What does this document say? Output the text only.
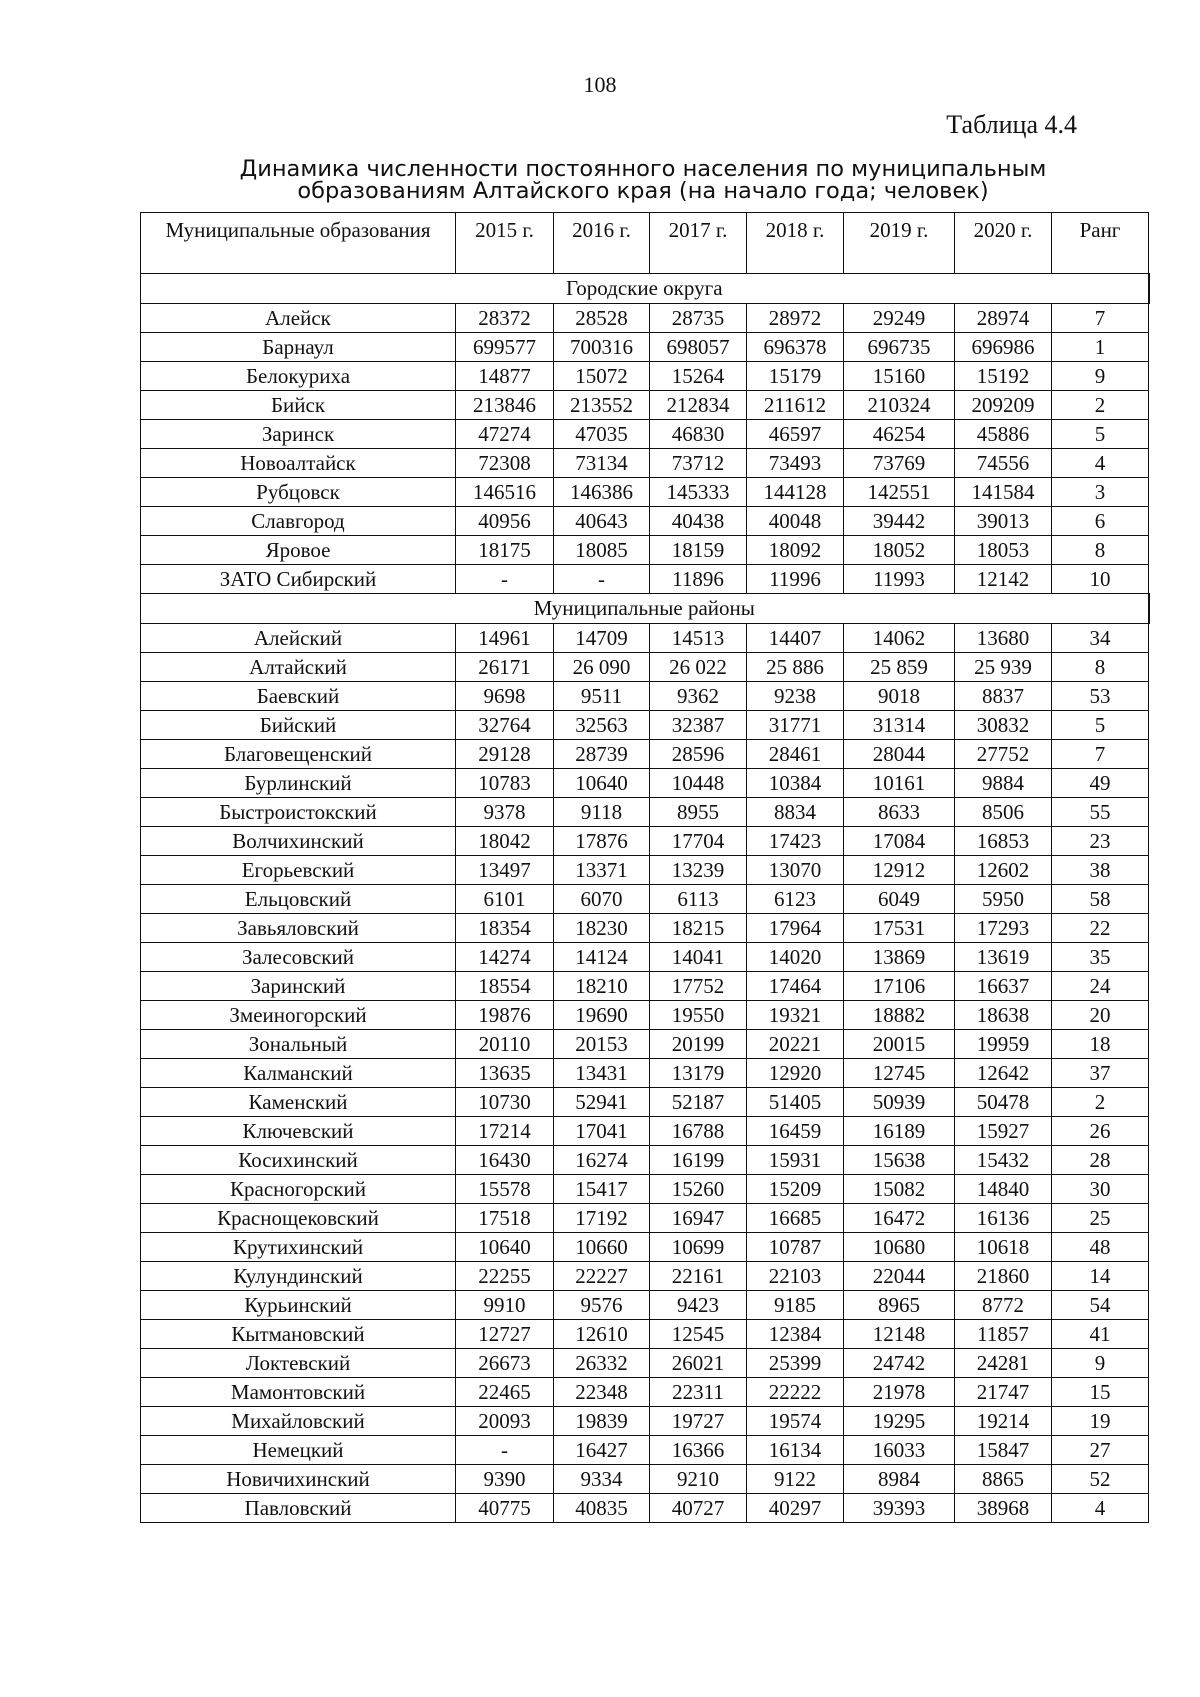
108
Таблица 4.4
Динамика численности постоянного населения по муниципальным
образованиям Алтайского края (на начало года; человек)
Муниципальные образования	2015 г.	2016 г.	2017 г.	2018 г.	2019 г.	2020 г.	Ранг
Городские округа							
Алейск	28372	28528	28735	28972	29249	28974	7
Барнаул	699577	700316	698057	696378	696735	696986	1
Белокуриха	14877	15072	15264	15179	15160	15192	9
Бийск	213846	213552	212834	211612	210324	209209	2
Заринск	47274	47035	46830	46597	46254	45886	5
Новоалтайск	72308	73134	73712	73493	73769	74556	4
Рубцовск	146516	146386	145333	144128	142551	141584	3
Славгород	40956	40643	40438	40048	39442	39013	6
Яровое	18175	18085	18159	18092	18052	18053	8
ЗАТО Сибирский	-	-	11896	11996	11993	12142	10
Муниципальные районы							
Алейский	14961	14709	14513	14407	14062	13680	34
Алтайский	26171	26 090	26 022	25 886	25 859	25 939	8
Баевский	9698	9511	9362	9238	9018	8837	53
Бийский	32764	32563	32387	31771	31314	30832	5
Благовещенский	29128	28739	28596	28461	28044	27752	7
Бурлинский	10783	10640	10448	10384	10161	9884	49
Быстроистокский	9378	9118	8955	8834	8633	8506	55
Волчихинский	18042	17876	17704	17423	17084	16853	23
Егорьевский	13497	13371	13239	13070	12912	12602	38
Ельцовский	6101	6070	6113	6123	6049	5950	58
Завьяловский	18354	18230	18215	17964	17531	17293	22
Залесовский	14274	14124	14041	14020	13869	13619	35
Заринский	18554	18210	17752	17464	17106	16637	24
Змеиногорский	19876	19690	19550	19321	18882	18638	20
Зональный	20110	20153	20199	20221	20015	19959	18
Калманский	13635	13431	13179	12920	12745	12642	37
Каменский	10730	52941	52187	51405	50939	50478	2
Ключевский	17214	17041	16788	16459	16189	15927	26
Косихинский	16430	16274	16199	15931	15638	15432	28
Красногорский	15578	15417	15260	15209	15082	14840	30
Краснощековский	17518	17192	16947	16685	16472	16136	25
Крутихинский	10640	10660	10699	10787	10680	10618	48
Кулундинский	22255	22227	22161	22103	22044	21860	14
Курьинский	9910	9576	9423	9185	8965	8772	54
Кытмановский	12727	12610	12545	12384	12148	11857	41
Локтевский	26673	26332	26021	25399	24742	24281	9
Мамонтовский	22465	22348	22311	22222	21978	21747	15
Михайловский	20093	19839	19727	19574	19295	19214	19
Немецкий	-	16427	16366	16134	16033	15847	27
Новичихинский	9390	9334	9210	9122	8984	8865	52
Павловский	40775	40835	40727	40297	39393	38968	4
